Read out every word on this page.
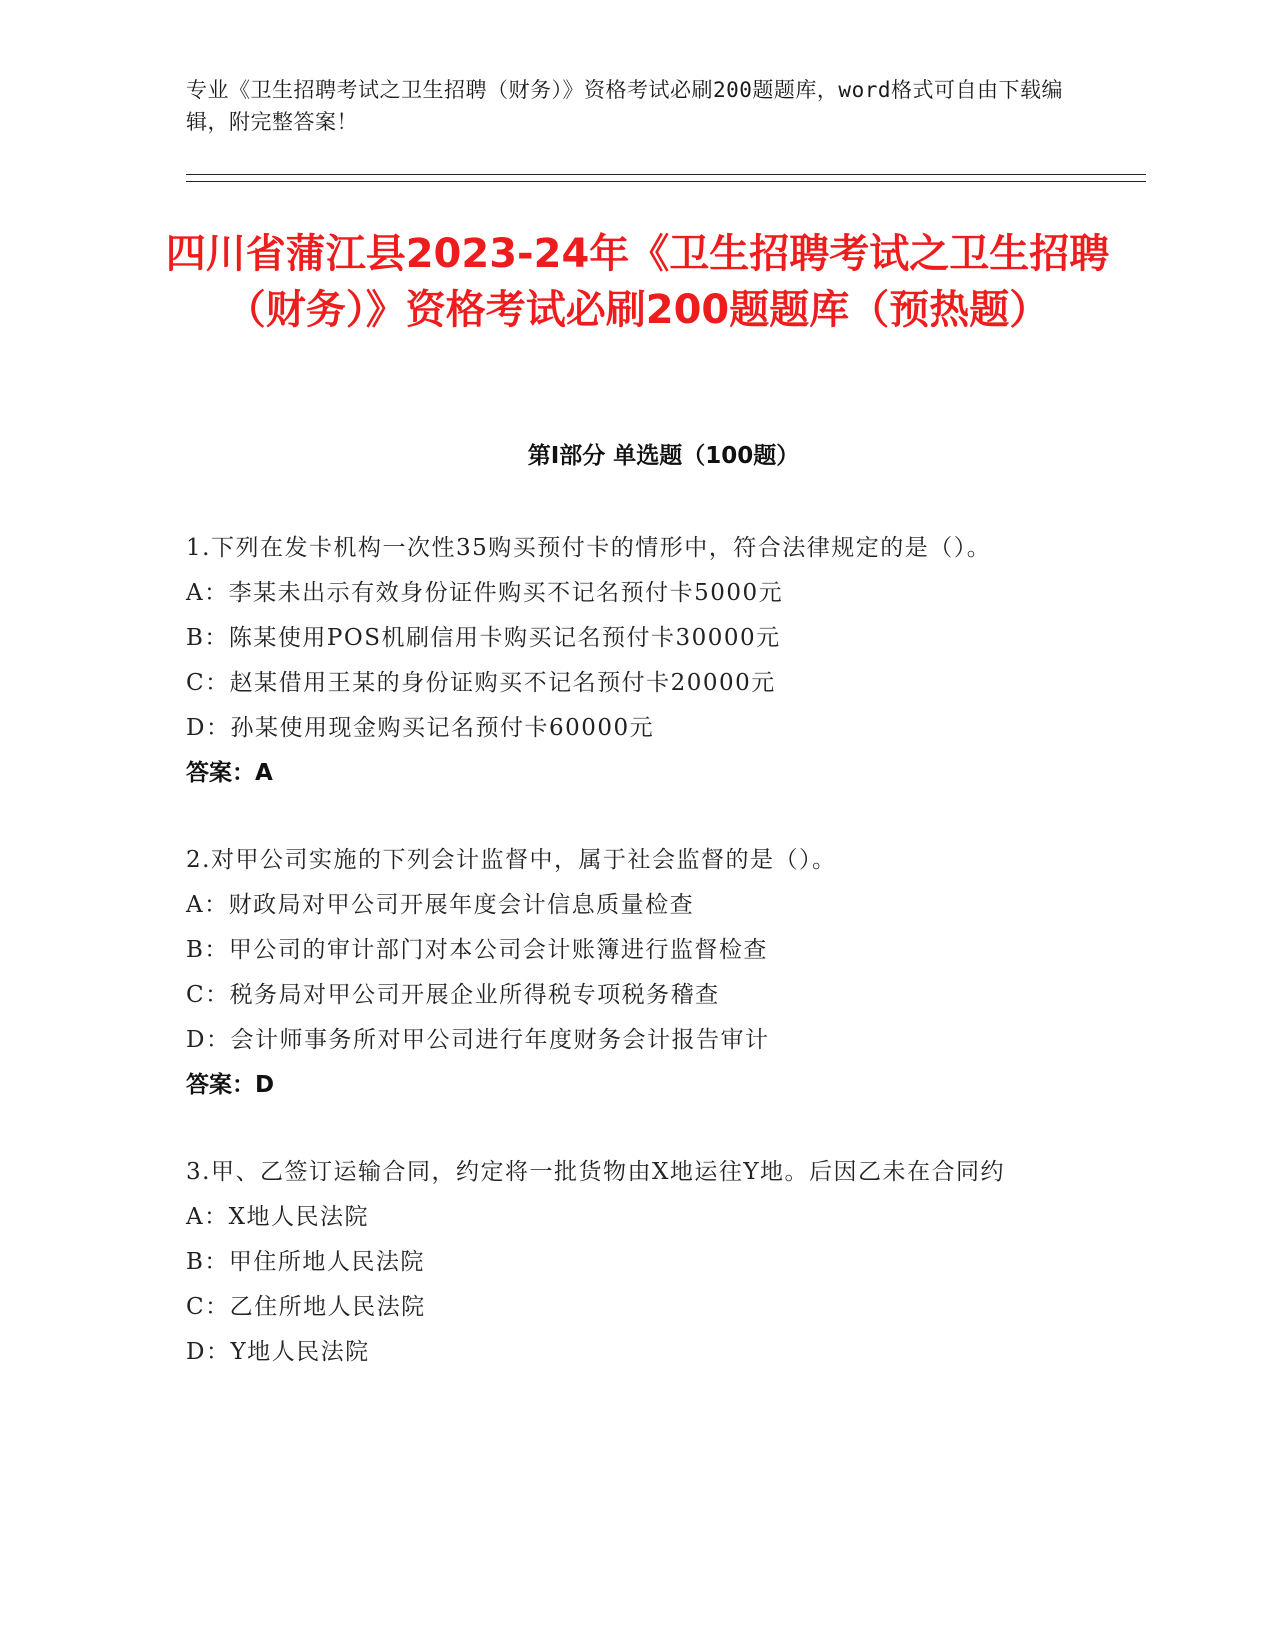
专业《卫生招聘考试之卫生招聘（财务）》资格考试必刷200题题库，word格式可自由下载编辑，附完整答案！
四川省蒲江县2023-24年《卫生招聘考试之卫生招聘（财务）》资格考试必刷200题题库（预热题）
第Ⅰ部分 单选题（100题）
1.下列在发卡机构一次性35购买预付卡的情形中，符合法律规定的是（）。
A：李某未出示有效身份证件购买不记名预付卡5000元
B：陈某使用POS机刷信用卡购买记名预付卡30000元
C：赵某借用王某的身份证购买不记名预付卡20000元
D：孙某使用现金购买记名预付卡60000元
答案：A
2.对甲公司实施的下列会计监督中，属于社会监督的是（）。
A：财政局对甲公司开展年度会计信息质量检查
B：甲公司的审计部门对本公司会计账簿进行监督检查
C：税务局对甲公司开展企业所得税专项税务稽查
D：会计师事务所对甲公司进行年度财务会计报告审计
答案：D
3.甲、乙签订运输合同，约定将一批货物由X地运往Y地。后因乙未在合同约
A：X地人民法院
B：甲住所地人民法院
C：乙住所地人民法院
D：Y地人民法院
